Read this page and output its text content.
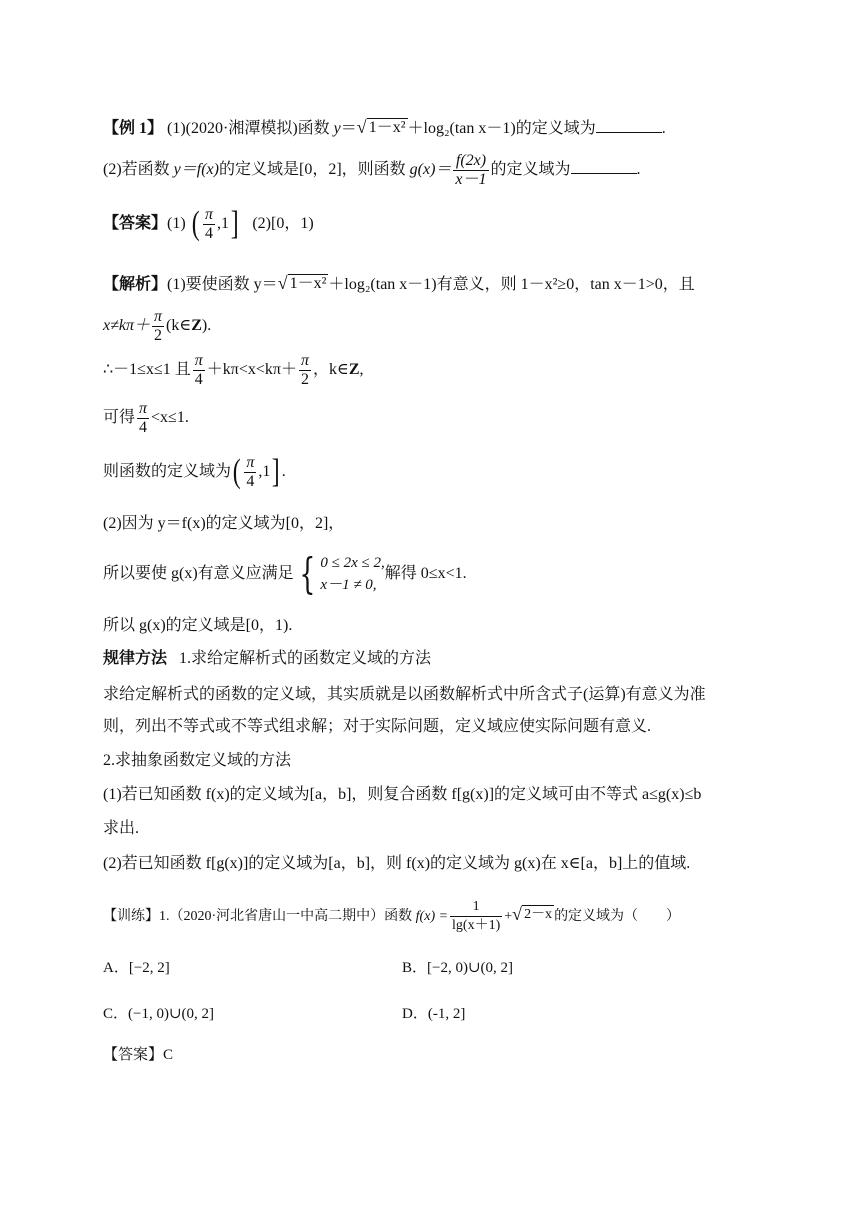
【例 1】 (1)(2020·湘潭模拟)函数 y＝ √ 1－x² ＋log₂(tan x－1)的定义域为	.
(2)若函数 y＝f(x)的定义域是[0，2]，则函数 $g(x)= \frac{f(2x)}{x-1}$ 的定义域为	.
【答案】(1) ( $\frac{\pi}{4} ,1$] (2)[0，1)
【解析】(1)要使函数 y＝ √ 1－x² ＋log₂(tan x－1)有意义，则 1－x²≥0，tan x－1>0，且
$x\ne k\pi+ \frac{\pi}{2}$ (k∈Z).
∴－1≤x≤1 且 $\frac{\pi}{4} +k\pi<x<k\pi+ \frac{\pi}{2}$ ，k∈Z,
可得 $\frac{\pi}{4} <x\le 1$.
则函数的定义域为( $\frac{\pi}{4} ,1$] .
(2)因为 y＝f(x)的定义域为[0，2]，
所以要使 g(x)有意义应满足 { 0 ≤ 2x ≤ 2,
x－1 ≠ 0,
解得 0≤x<1.
所以 g(x)的定义域是[0，1).
规律方法 1.求给定解析式的函数定义域的方法
求给定解析式的函数的定义域，其实质就是以函数解析式中所含式子(运算)有意义为准
则，列出不等式或不等式组求解；对于实际问题，定义域应使实际问题有意义.
2.求抽象函数定义域的方法
(1)若已知函数 f(x)的定义域为[a，b]，则复合函数 f[g(x)]的定义域可由不等式 a≤g(x)≤b
求出.
(2)若已知函数 f[g(x)]的定义域为[a，b]，则 f(x)的定义域为 g(x)在 x∈[a，b]上的值域.
【训练】1.（2020·河北省唐山一中高二期中）函数 $f(x) = \frac{1}{\lg(x+1)}$ + √ 2－x 的定义域为（　　）
A．[−2, 2]	B．[−2, 0)∪(0, 2]
C．(−1, 0)∪(0, 2]	D．(-1, 2]
【答案】C
